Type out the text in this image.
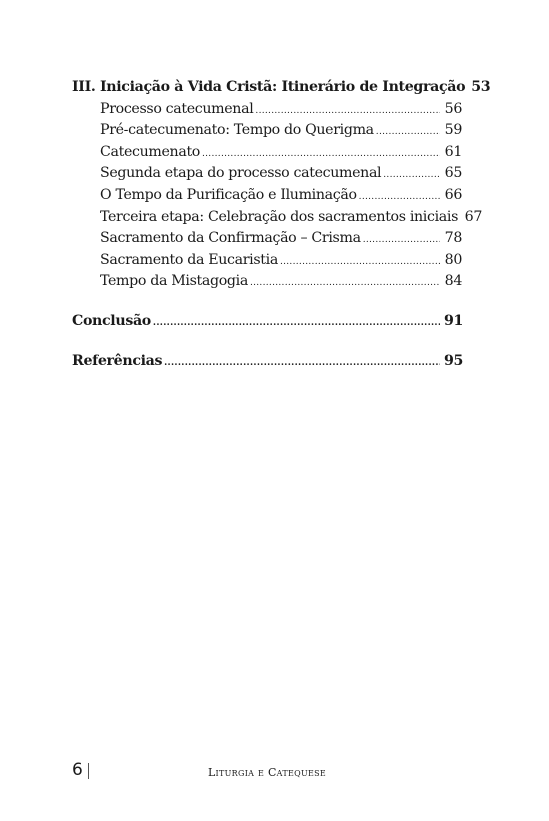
III. Iniciação à Vida Cristã: Itinerário de Integração 53
Processo catecumenal .....	56
Pré-catecumenato: Tempo do Querigma .....	59
Catecumenato .....	61
Segunda etapa do processo catecumenal .....	65
O Tempo da Purificação e Iluminação .....	66
Terceira etapa: Celebração dos sacramentos iniciais 67
Sacramento da Confirmação – Crisma .....	78
Sacramento da Eucaristia .....	80
Tempo da Mistagogia .....	84
Conclusão .....	91
Referências .....	95
6	Liturgia e Catequese
